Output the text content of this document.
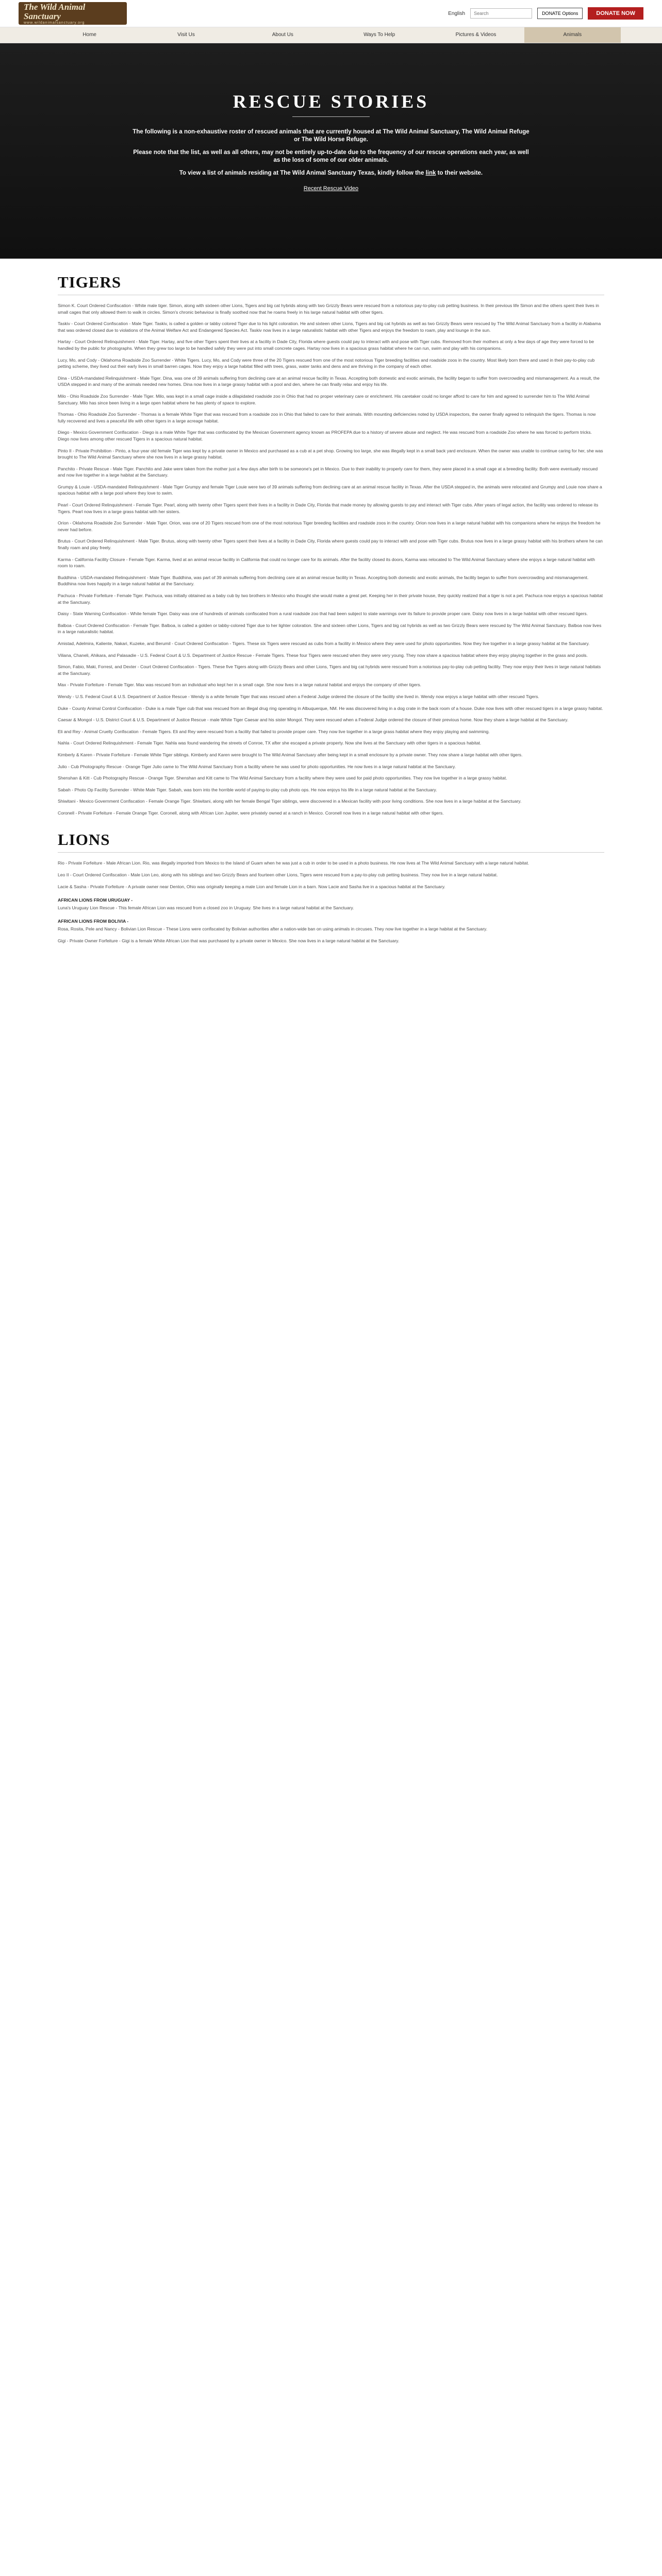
The Wild Animal Sanctuary
www.wildanimalsanctuary.org
English
Search	DONATE Options	DONATE NOW
Home	Visit Us	About Us	Ways To Help	Pictures & Videos	Animals
RESCUE STORIES

The following is a non-exhaustive roster of rescued animals that are currently housed at The Wild Animal Sanctuary, The Wild Animal Refuge or The Wild Horse Refuge.

Please note that the list, as well as all others, may not be entirely up-to-date due to the frequency of our rescue operations each year, as well as the loss of some of our older animals.

To view a list of animals residing at The Wild Animal Sanctuary Texas, kindly follow the link to their website.

Recent Rescue Video
TIGERS

Simon K. Court Ordered Confiscation - White male tiger. Simon, along with sixteen other Lions, Tigers and big cat hybrids along with two Grizzly Bears were rescued from a notorious pay-to-play cub petting business. In their previous life Simon and the others spent their lives in small cages that only allowed them to walk in circles. Simon's chronic behaviour is finally soothed now that he roams freely in his large natural habitat with other tigers.

Taskiv - Court Ordered Confiscation - Male Tiger. Taskiv, is called a golden or tabby colored Tiger due to his light coloration. He and sixteen other Lions, Tigers and big cat hybrids as well as two Grizzly Bears were rescued by The Wild Animal Sanctuary from a facility in Alabama that was ordered closed due to violations of the Animal Welfare Act and Endangered Species Act. Taskiv now lives in a large naturalistic habitat with other Tigers and enjoys the freedom to roam, play and lounge in the sun.

Hartay - Court Ordered Relinquishment - Male Tiger. Hartay, and five other Tigers spent their lives at a facility in Dade City, Florida where guests could pay to interact with and pose with Tiger cubs. Removed from their mothers at only a few days of age they were forced to be handled by the public for photographs. When they grew too large to be handled safely they were put into small concrete cages. Hartay now lives in a spacious grass habitat where he can run, swim and play with his companions.

Lucy, Mo, and Cody - Oklahoma Roadside Zoo Surrender - White Tigers. Lucy, Mo, and Cody were three of the 20 Tigers rescued from one of the most notorious Tiger breeding facilities and roadside zoos in the country. Most likely born there and used in their pay-to-play cub petting scheme, they lived out their early lives in small barren cages. Now they enjoy a large habitat filled with trees, grass, water tanks and dens and are thriving in the company of each other.

Dina - USDA-mandated Relinquishment - Male Tiger. Dina, was one of 39 animals suffering from declining care at an animal rescue facility in Texas. Accepting both domestic and exotic animals, the facility began to suffer from overcrowding and mismanagement. As a result, the USDA stepped in and many of the animals needed new homes. Dina now lives in a large grassy habitat with a pool and den, where he can finally relax and enjoy his life.

Milo - Ohio Roadside Zoo Surrender - Male Tiger. Milo, was kept in a small cage inside a dilapidated roadside zoo in Ohio that had no proper veterinary care or enrichment. His caretaker could no longer afford to care for him and agreed to surrender him to The Wild Animal Sanctuary. Milo has since been living in a large open habitat where he has plenty of space to explore.

Thomas - Ohio Roadside Zoo Surrender - Thomas is a female White Tiger that was rescued from a roadside zoo in Ohio that failed to care for their animals. With mounting deficiencies noted by USDA inspectors, the owner finally agreed to relinquish the tigers. Thomas is now fully recovered and lives a peaceful life with other tigers in a large acreage habitat.

Diego - Mexico Government Confiscation - Diego is a male White Tiger that was confiscated by the Mexican Government agency known as PROFEPA due to a history of severe abuse and neglect. He was rescued from a roadside Zoo where he was forced to perform tricks. Diego now lives among other rescued Tigers in a spacious natural habitat.

Pinto II - Private Prohibition - Pinto, a four-year old female Tiger was kept by a private owner in Mexico and purchased as a cub at a pet shop. Growing too large, she was illegally kept in a small back yard enclosure. When the owner was unable to continue caring for her, she was brought to The Wild Animal Sanctuary where she now lives in a large grassy habitat.

Panchito - Private Rescue - Male Tiger. Panchito and Jake were taken from the mother just a few days after birth to be someone's pet in Mexico. Due to their inability to properly care for them, they were placed in a small cage at a breeding facility. Both were eventually rescued and now live together in a large habitat at the Sanctuary.

Grumpy & Louie - USDA-mandated Relinquishment - Male Tiger Grumpy and female Tiger Louie were two of 39 animals suffering from declining care at an animal rescue facility in Texas. After the USDA stepped in, the animals were relocated and Grumpy and Louie now share a spacious habitat with a large pool where they love to swim.

Pearl - Court Ordered Relinquishment - Female Tiger. Pearl, along with twenty other Tigers spent their lives in a facility in Dade City, Florida that made money by allowing guests to pay and interact with Tiger cubs. After years of legal action, the facility was ordered to release its Tigers. Pearl now lives in a large grass habitat with her sisters.

Orion - Oklahoma Roadside Zoo Surrender - Male Tiger. Orion, was one of 20 Tigers rescued from one of the most notorious Tiger breeding facilities and roadside zoos in the country. Orion now lives in a large natural habitat with his companions where he enjoys the freedom he never had before.

Brutus - Court Ordered Relinquishment - Male Tiger. Brutus, along with twenty other Tigers spent their lives at a facility in Dade City, Florida where guests could pay to interact with and pose with Tiger cubs. Brutus now lives in a large grassy habitat with his brothers where he can finally roam and play freely.

Karma - California Facility Closure - Female Tiger. Karma, lived at an animal rescue facility in California that could no longer care for its animals. After the facility closed its doors, Karma was relocated to The Wild Animal Sanctuary where she enjoys a large natural habitat with room to roam.

Buddhina - USDA-mandated Relinquishment - Male Tiger. Buddhina, was part of 39 animals suffering from declining care at an animal rescue facility in Texas. Accepting both domestic and exotic animals, the facility began to suffer from overcrowding and mismanagement. Buddhina now lives happily in a large natural habitat at the Sanctuary.

Pachuca - Private Forfeiture - Female Tiger. Pachuca, was initially obtained as a baby cub by two brothers in Mexico who thought she would make a great pet. Keeping her in their private house, they quickly realized that a tiger is not a pet. Pachuca now enjoys a spacious habitat at the Sanctuary.

Daisy - State Warning Confiscation - White female Tiger. Daisy was one of hundreds of animals confiscated from a rural roadside zoo that had been subject to state warnings over its failure to provide proper care. Daisy now lives in a large habitat with other rescued tigers.

Balboa - Court Ordered Confiscation - Female Tiger. Balboa, is called a golden or tabby-colored Tiger due to her lighter coloration. She and sixteen other Lions, Tigers and big cat hybrids as well as two Grizzly Bears were rescued by The Wild Animal Sanctuary. Balboa now lives in a large naturalistic habitat.

Amistad, Adelmira, Kaliente, Nakari, Kuzeke, and Berumil - Court Ordered Confiscation - Tigers. These six Tigers were rescued as cubs from a facility in Mexico where they were used for photo opportunities. Now they live together in a large grassy habitat at the Sanctuary.

Viliana, Chaneli, Ahikara, and Palasadie - U.S. Federal Court & U.S. Department of Justice Rescue - Female Tigers. These four Tigers were rescued when they were very young. They now share a spacious habitat where they enjoy playing together in the grass and pools.

Simon, Fabio, Maki, Forrest, and Dexter - Court Ordered Confiscation - Tigers. These five Tigers along with Grizzly Bears and other Lions, Tigers and big cat hybrids were rescued from a notorious pay-to-play cub petting facility. They now enjoy their lives in large natural habitats at the Sanctuary.

Max - Private Forfeiture - Female Tiger. Max was rescued from an individual who kept her in a small cage. She now lives in a large natural habitat and enjoys the company of other tigers.

Wendy - U.S. Federal Court & U.S. Department of Justice Rescue - Wendy is a white female Tiger that was rescued when a Federal Judge ordered the closure of the facility she lived in. Wendy now enjoys a large habitat with other rescued Tigers.

Duke - County Animal Control Confiscation - Duke is a male Tiger cub that was rescued from an illegal drug ring operating in Albuquerque, NM. He was discovered living in a dog crate in the back room of a house. Duke now lives with other rescued tigers in a large grassy habitat.

Caesar & Mongol - U.S. District Court & U.S. Department of Justice Rescue - male White Tiger Caesar and his sister Mongol. They were rescued when a Federal Judge ordered the closure of their previous home. Now they share a large habitat at the Sanctuary.

Eli and Rey - Animal Cruelty Confiscation - Female Tigers. Eli and Rey were rescued from a facility that failed to provide proper care. They now live together in a large grass habitat where they enjoy playing and swimming.

Nahla - Court Ordered Relinquishment - Female Tiger. Nahla was found wandering the streets of Conroe, TX after she escaped a private property. Now she lives at the Sanctuary with other tigers in a spacious habitat.

Kimberly & Karen - Private Forfeiture - Female White Tiger siblings. Kimberly and Karen were brought to The Wild Animal Sanctuary after being kept in a small enclosure by a private owner. They now share a large habitat with other tigers.

Julio - Cub Photography Rescue - Orange Tiger Julio came to The Wild Animal Sanctuary from a facility where he was used for photo opportunities. He now lives in a large natural habitat at the Sanctuary.

Shenshan & Kitt - Cub Photography Rescue - Orange Tiger. Shenshan and Kitt came to The Wild Animal Sanctuary from a facility where they were used for paid photo opportunities. They now live together in a large grassy habitat.

Sabah - Photo Op Facility Surrender - White Male Tiger. Sabah, was born into the horrible world of paying-to-play cub photo ops. He now enjoys his life in a large natural habitat at the Sanctuary.

Shiwitani - Mexico Government Confiscation - Female Orange Tiger. Shiwitani, along with her female Bengal Tiger siblings, were discovered in a Mexican facility with poor living conditions. She now lives in a large habitat at the Sanctuary.

Coronell - Private Forfeiture - Female Orange Tiger. Coronell, along with African Lion Jupiter, were privately owned at a ranch in Mexico. Coronell now lives in a large natural habitat with other tigers.

LIONS

Rio - Private Forfeiture - Male African Lion. Rio, was illegally imported from Mexico to the Island of Guam when he was just a cub in order to be used in a photo business. He now lives at The Wild Animal Sanctuary with a large natural habitat.

Leo II - Court Ordered Confiscation - Male Lion Leo, along with his siblings and two Grizzly Bears and fourteen other Lions, Tigers were rescued from a pay-to-play cub petting business. They now live in a large natural habitat.

Lacie & Sasha - Private Forfeiture - A private owner near Denton, Ohio was originally keeping a male Lion and female Lion in a barn. Now Lacie and Sasha live in a spacious habitat at the Sanctuary.

AFRICAN LIONS FROM URUGUAY -

Luna's Uruguay Lion Rescue - This female African Lion was rescued from a closed zoo in Uruguay. She lives in a large natural habitat at the Sanctuary.

AFRICAN LIONS FROM BOLIVIA -

Rosa, Rosita, Pele and Nancy - Bolivian Lion Rescue - These Lions were confiscated by Bolivian authorities after a nation-wide ban on using animals in circuses. They now live together in a large habitat at the Sanctuary.

Gigi - Private Owner Forfeiture - Gigi is a female White African Lion that was purchased by a private owner in Mexico. She now lives in a large natural habitat at the Sanctuary.
